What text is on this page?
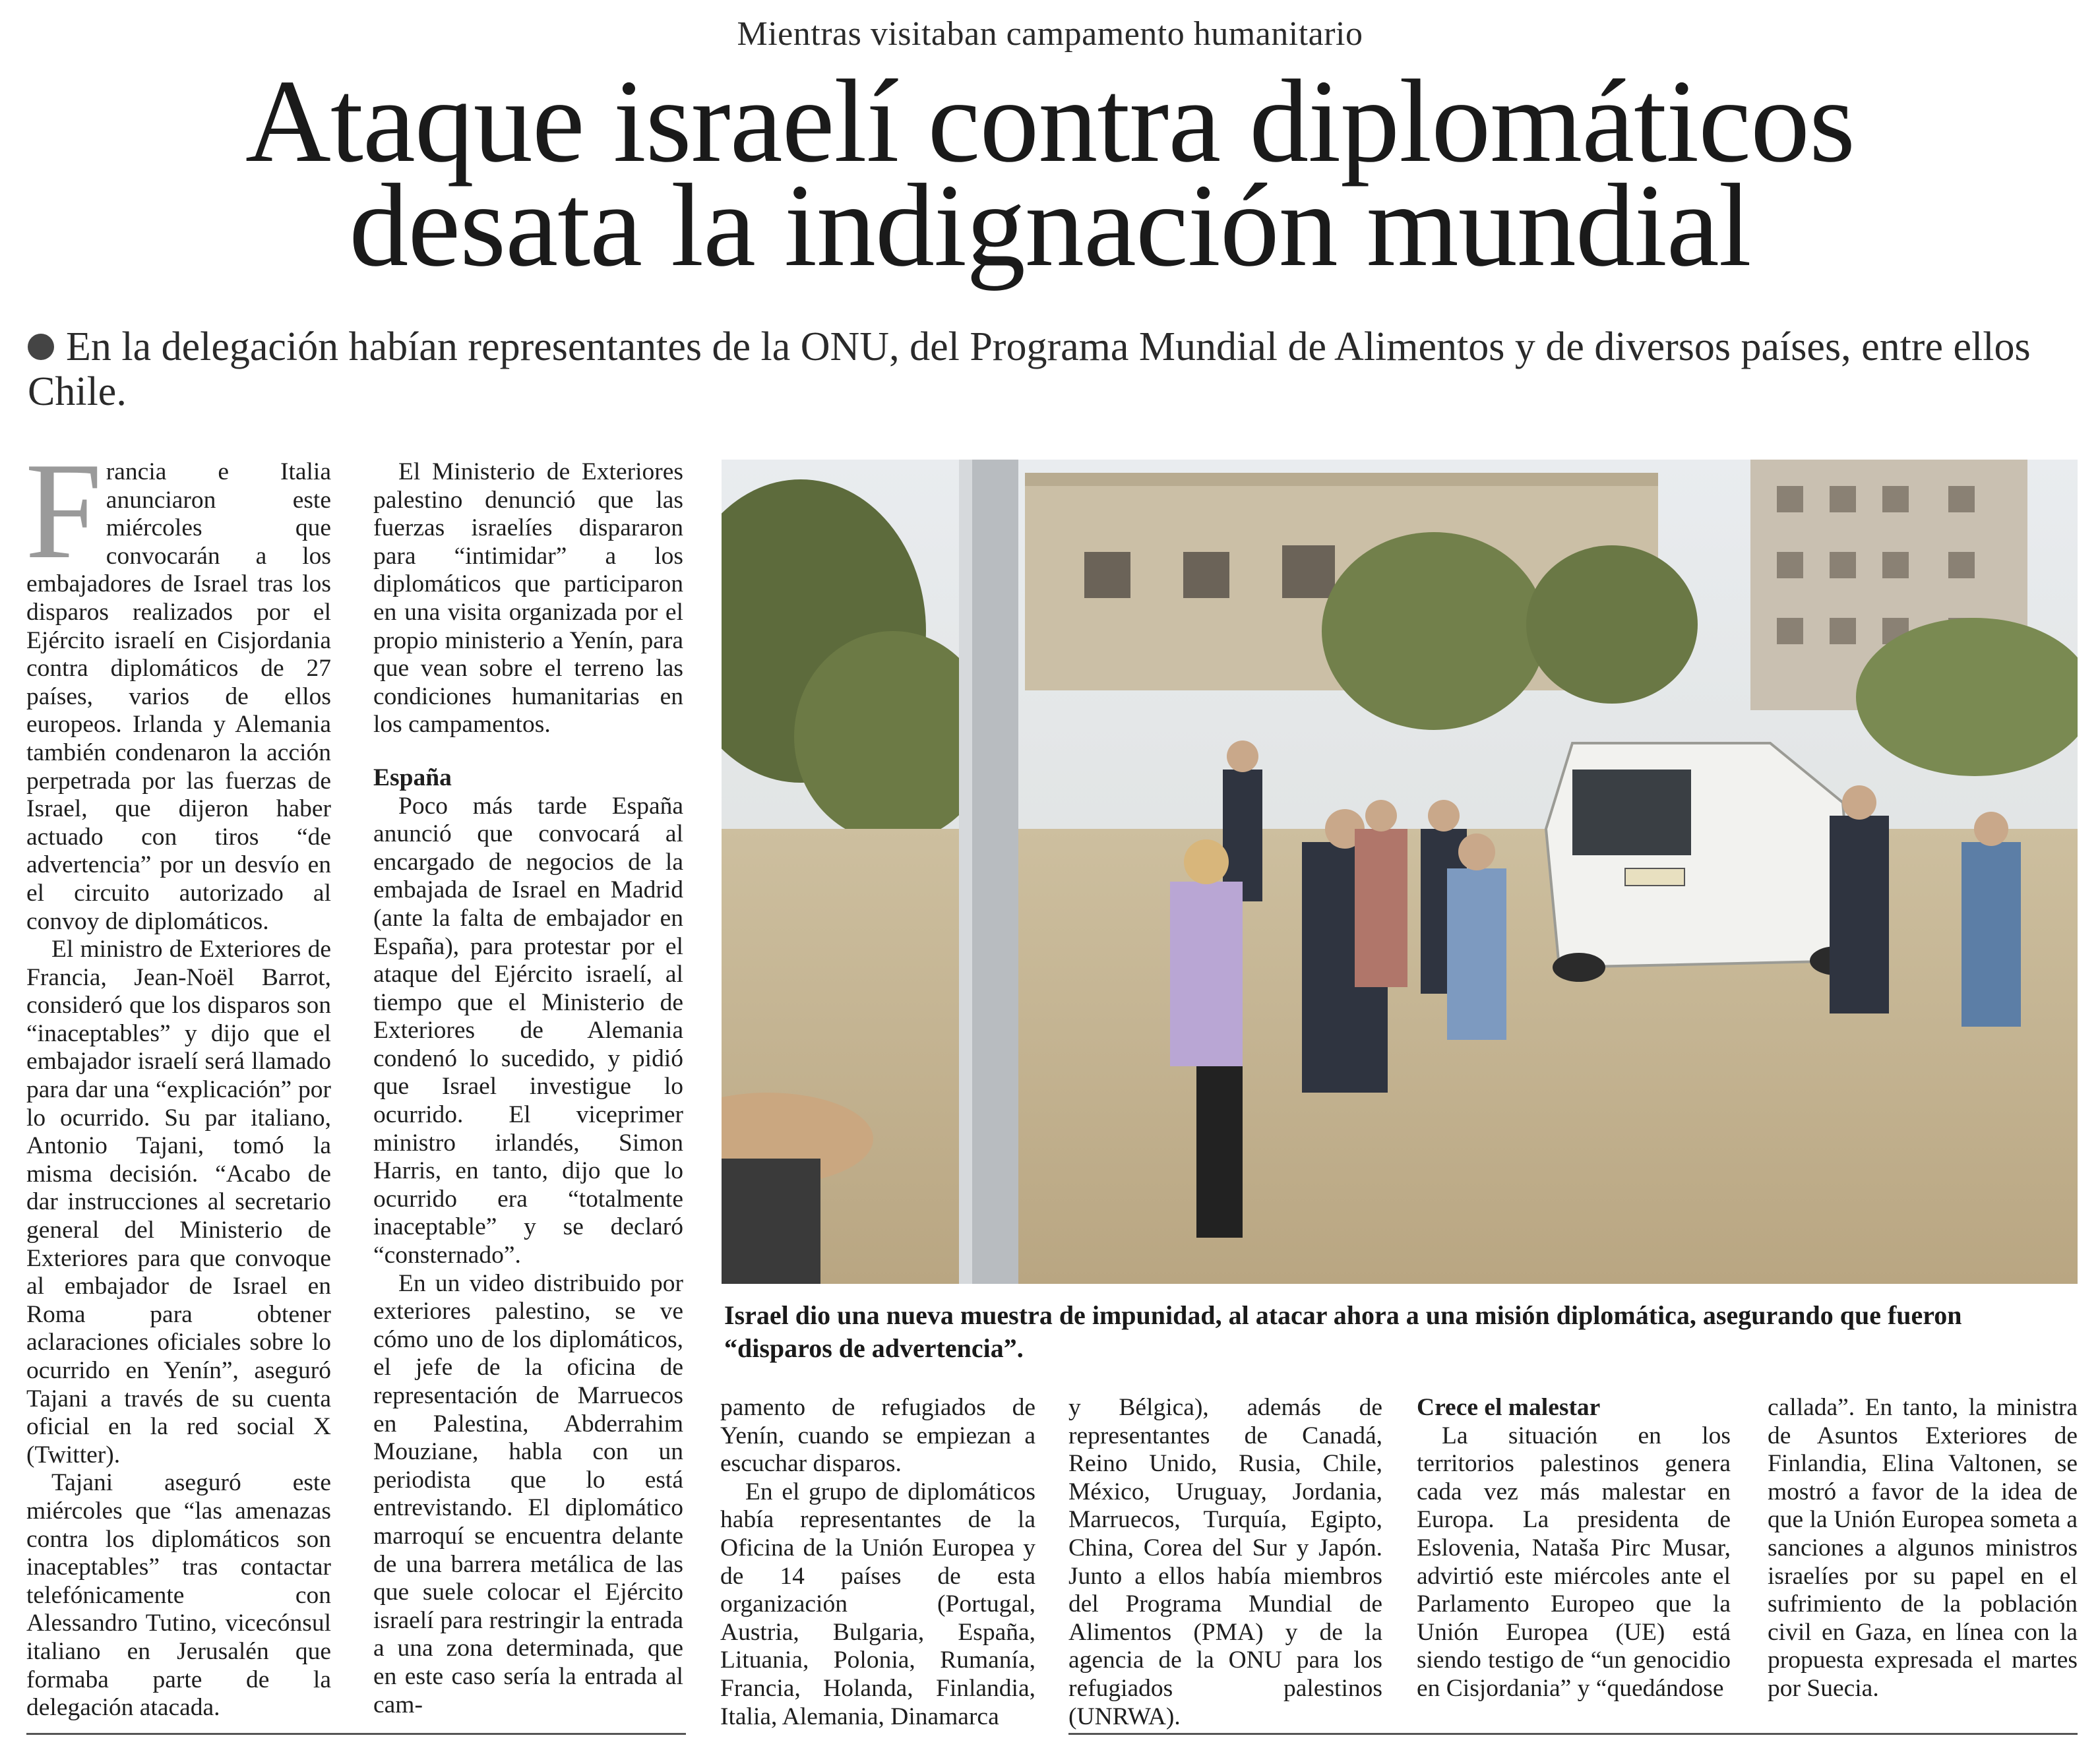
Mientras visitaban campamento humanitario
Ataque israelí contra diplomáticos
desata la indignación mundial
En la delegación habían representantes de la ONU, del Programa Mundial de Alimentos y de diversos países, entre ellos Chile.

Francia e Italia anunciaron este miércoles que convocarán a los embajadores de Israel tras los disparos realizados por el Ejército israelí en Cisjordania contra diplomáticos de 27 países, varios de ellos europeos. Irlanda y Alemania también condenaron la acción perpetrada por las fuerzas de Israel, que dijeron haber actuado con tiros “de advertencia” por un desvío en el circuito autorizado al convoy de diplomáticos.

El ministro de Exteriores de Francia, Jean-Noël Barrot, consideró que los disparos son “inaceptables” y dijo que el embajador israelí será llamado para dar una “explicación” por lo ocurrido. Su par italiano, Antonio Tajani, tomó la misma decisión. “Acabo de dar instrucciones al secretario general del Ministerio de Exteriores para que convoque al embajador de Israel en Roma para obtener aclaraciones oficiales sobre lo ocurrido en Yenín”, aseguró Tajani a través de su cuenta oficial en la red social X (Twitter).

Tajani aseguró este miércoles que “las amenazas contra los diplomáticos son inaceptables” tras contactar telefónicamente con Alessandro Tutino, vicecónsul italiano en Jerusalén que formaba parte de la delegación atacada.

El Ministerio de Exteriores palestino denunció que las fuerzas israelíes dispararon para “intimidar” a los diplomáticos que participaron en una visita organizada por el propio ministerio a Yenín, para que vean sobre el terreno las condiciones humanitarias en los campamentos.

España

Poco más tarde España anunció que convocará al encargado de negocios de la embajada de Israel en Madrid (ante la falta de embajador en España), para protestar por el ataque del Ejército israelí, al tiempo que el Ministerio de Exteriores de Alemania condenó lo sucedido, y pidió que Israel investigue lo ocurrido. El viceprimer ministro irlandés, Simon Harris, en tanto, dijo que lo ocurrido era “totalmente inaceptable” y se declaró “consternado”.

En un video distribuido por exteriores palestino, se ve cómo uno de los diplomáticos, el jefe de la oficina de representación de Marruecos en Palestina, Abderrahim Mouziane, habla con un periodista que lo está entrevistando. El diplomático marroquí se encuentra delante de una barrera metálica de las que suele colocar el Ejército israelí para restringir la entrada a una zona determinada, que en este caso sería la entrada al cam-

Israel dio una nueva muestra de impunidad, al atacar ahora a una misión diplomática, asegurando que fueron “disparos de advertencia”.

pamento de refugiados de Yenín, cuando se empiezan a escuchar disparos.

En el grupo de diplomáticos había representantes de la Oficina de la Unión Europea y de 14 países de esta organización (Portugal, Austria, Bulgaria, España, Lituania, Polonia, Rumanía, Francia, Holanda, Finlandia, Italia, Alemania, Dinamarca

y Bélgica), además de representantes de Canadá, Reino Unido, Rusia, Chile, México, Uruguay, Jordania, Marruecos, Turquía, Egipto, China, Corea del Sur y Japón. Junto a ellos había miembros del Programa Mundial de Alimentos (PMA) y de la agencia de la ONU para los refugiados palestinos (UNRWA).

Crece el malestar

La situación en los territorios palestinos genera cada vez más malestar en Europa. La presidenta de Eslovenia, Nataša Pirc Musar, advirtió este miércoles ante el Parlamento Europeo que la Unión Europea (UE) está siendo testigo de “un genocidio en Cisjordania” y “quedándose

callada”. En tanto, la ministra de Asuntos Exteriores de Finlandia, Elina Valtonen, se mostró a favor de la idea de que la Unión Europea someta a sanciones a algunos ministros israelíes por su papel en el sufrimiento de la población civil en Gaza, en línea con la propuesta expresada el martes por Suecia.
